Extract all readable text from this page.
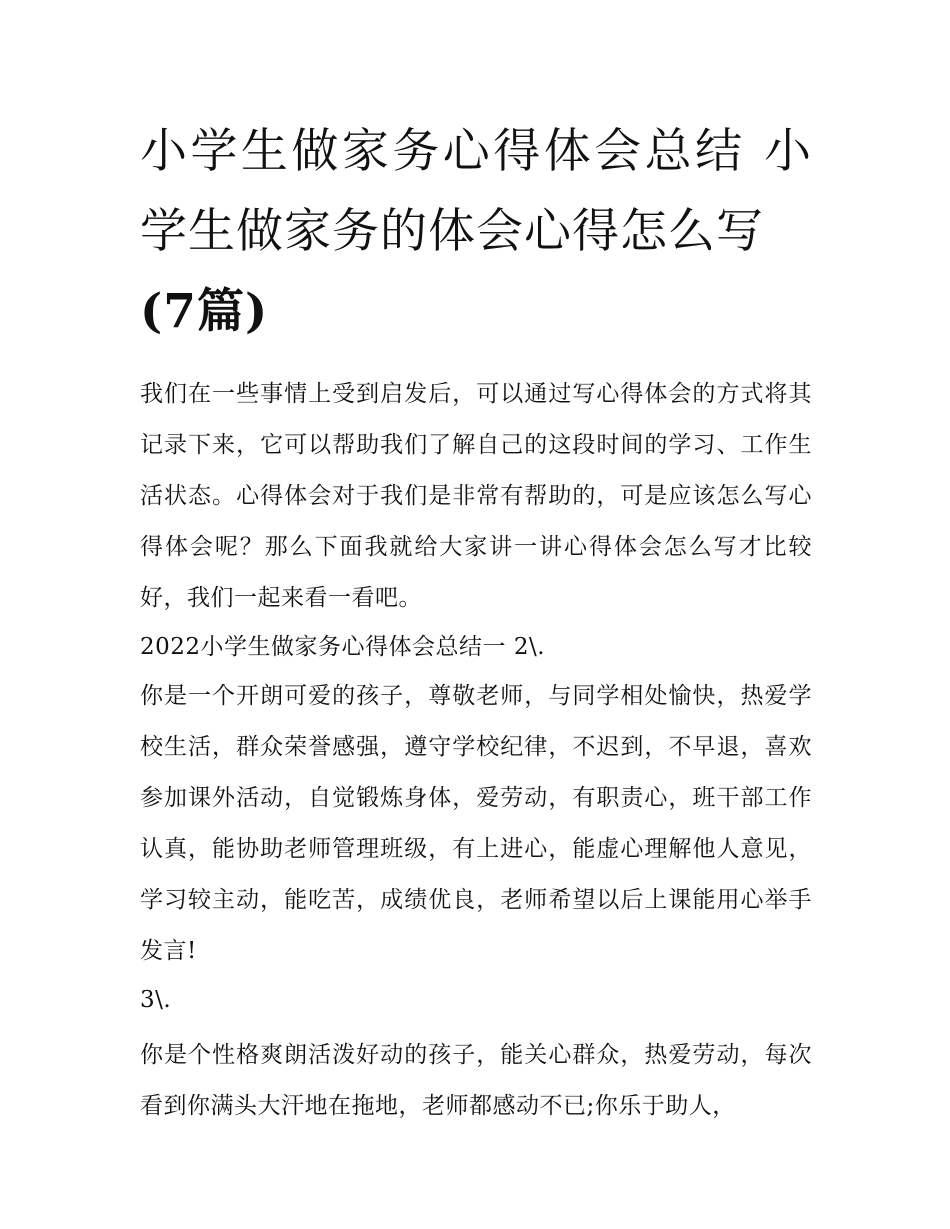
小学生做家务心得体会总结 小学生做家务的体会心得怎么写
(7篇)

我们在一些事情上受到启发后，可以通过写心得体会的方式将其记录下来，它可以帮助我们了解自己的这段时间的学习、工作生活状态。心得体会对于我们是非常有帮助的，可是应该怎么写心得体会呢？那么下面我就给大家讲一讲心得体会怎么写才比较好，我们一起来看一看吧。

2022小学生做家务心得体会总结一 2\.

你是一个开朗可爱的孩子，尊敬老师，与同学相处愉快，热爱学校生活，群众荣誉感强，遵守学校纪律，不迟到，不早退，喜欢参加课外活动，自觉锻炼身体，爱劳动，有职责心，班干部工作认真，能协助老师管理班级，有上进心，能虚心理解他人意见，学习较主动，能吃苦，成绩优良，老师希望以后上课能用心举手发言!

3\.

你是个性格爽朗活泼好动的孩子，能关心群众，热爱劳动，每次看到你满头大汗地在拖地，老师都感动不已;你乐于助人，
